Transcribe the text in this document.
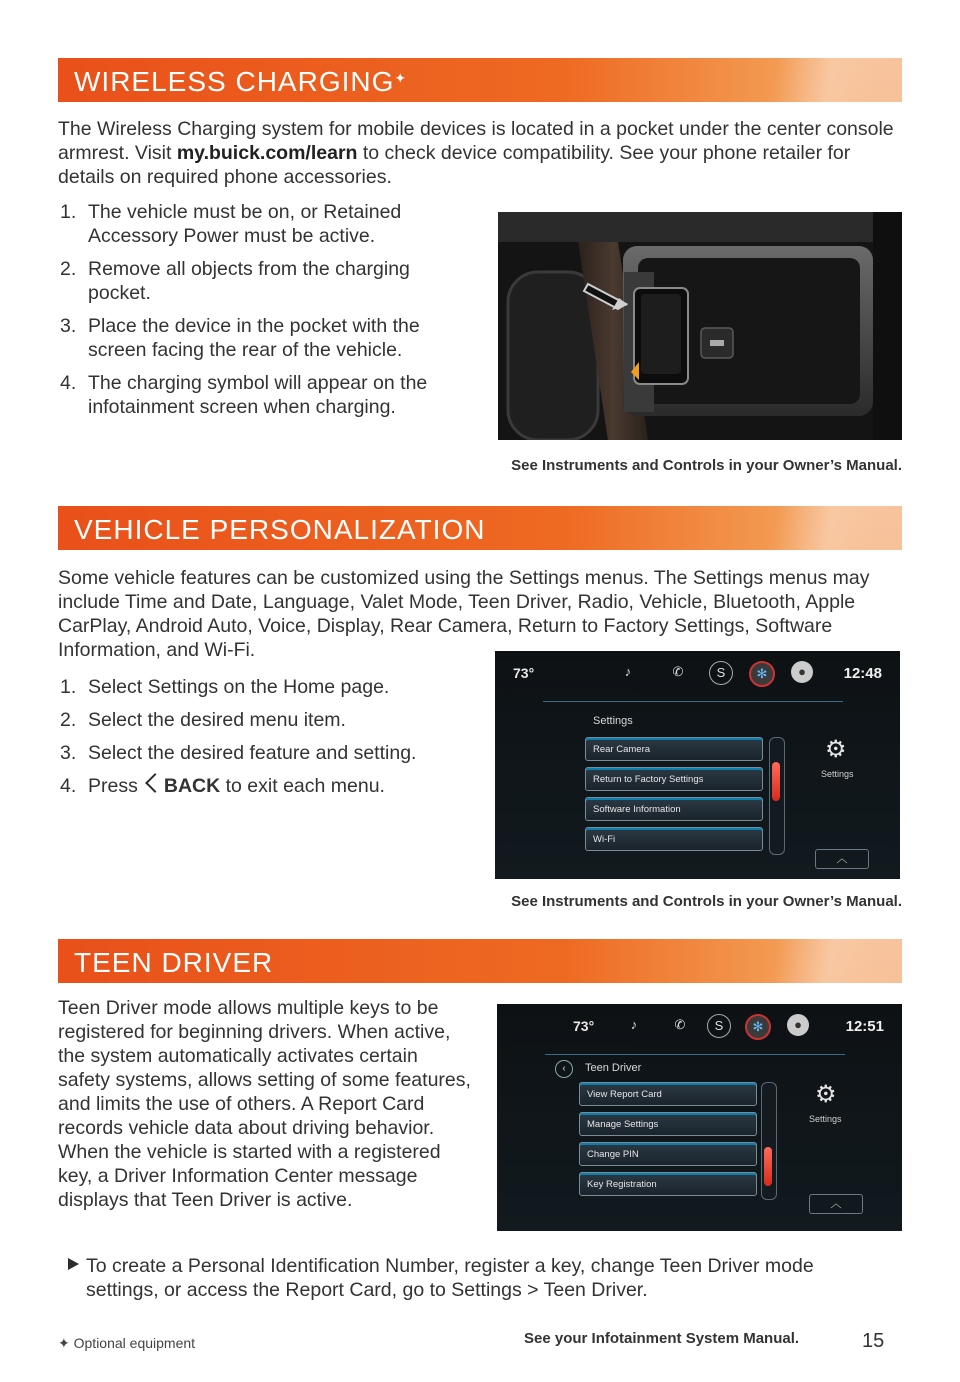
WIRELESS CHARGING✦

The Wireless Charging system for mobile devices is located in a pocket under the center console armrest. Visit my.buick.com/learn to check device compatibility. See your phone retailer for details on required phone accessories.

1. The vehicle must be on, or Retained Accessory Power must be active.
2. Remove all objects from the charging pocket.
3. Place the device in the pocket with the screen facing the rear of the vehicle.
4. The charging symbol will appear on the infotainment screen when charging.
See Instruments and Controls in your Owner’s Manual.
VEHICLE PERSONALIZATION

Some vehicle features can be customized using the Settings menus. The Settings menus may include Time and Date, Language, Valet Mode, Teen Driver, Radio, Vehicle, Bluetooth, Apple CarPlay, Android Auto, Voice, Display, Rear Camera, Return to Factory Settings, Software Information, and Wi-Fi.

1. Select Settings on the Home page.
2. Select the desired menu item.
3. Select the desired feature and setting.
4. Press BACK to exit each menu.
73°	♪	✆	S	✻	●	12:48
Settings
Rear Camera
Return to Factory Settings
Software Information
Wi-Fi
⚙
Settings
︿
See Instruments and Controls in your Owner’s Manual.
TEEN DRIVER

Teen Driver mode allows multiple keys to be registered for beginning drivers. When active, the system automatically activates certain safety systems, allows setting of some features, and limits the use of others. A Report Card records vehicle data about driving behavior. When the vehicle is started with a registered key, a Driver Information Center message displays that Teen Driver is active.

73°	♪	✆	S	✻	●	12:51
‹	Teen Driver
View Report Card
Manage Settings
Change PIN
Key Registration
⚙
Settings
︿

To create a Personal Identification Number, register a key, change Teen Driver mode settings, or access the Report Card, go to Settings > Teen Driver.

✦ Optional equipment	See your Infotainment System Manual.	15
